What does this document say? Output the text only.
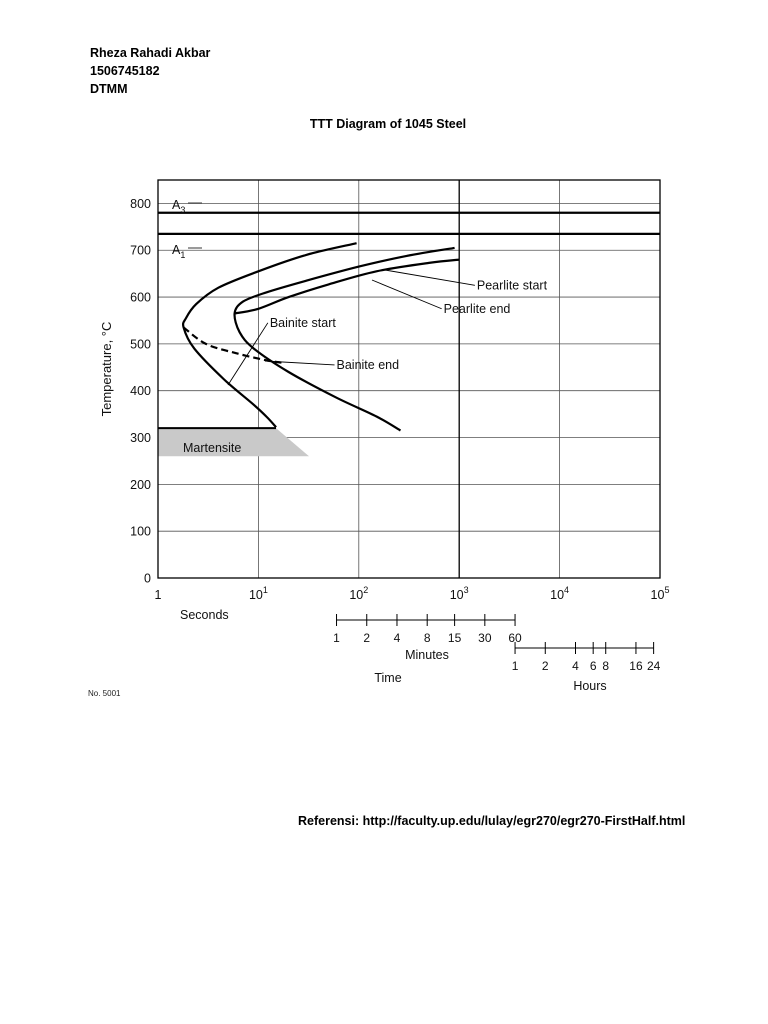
Rheza Rahadi Akbar
1506745182
DTMM
TTT Diagram of 1045 Steel
0
100
200
300
400
500
600
700
800
1	$10^1$	$10^2$	$10^3$	$10^4$	$10^5$
1 2 4 8 15 30 60
1 2 4 6 8 16 24
Martensite
$A_3$
$A_1$
Pearlite start
Pearlite end
Bainite start
Bainite end
Seconds
Minutes
Time
Hours
Temperature, °C
No. 5001
Referensi: http://faculty.up.edu/lulay/egr270/egr270-FirstHalf.html
